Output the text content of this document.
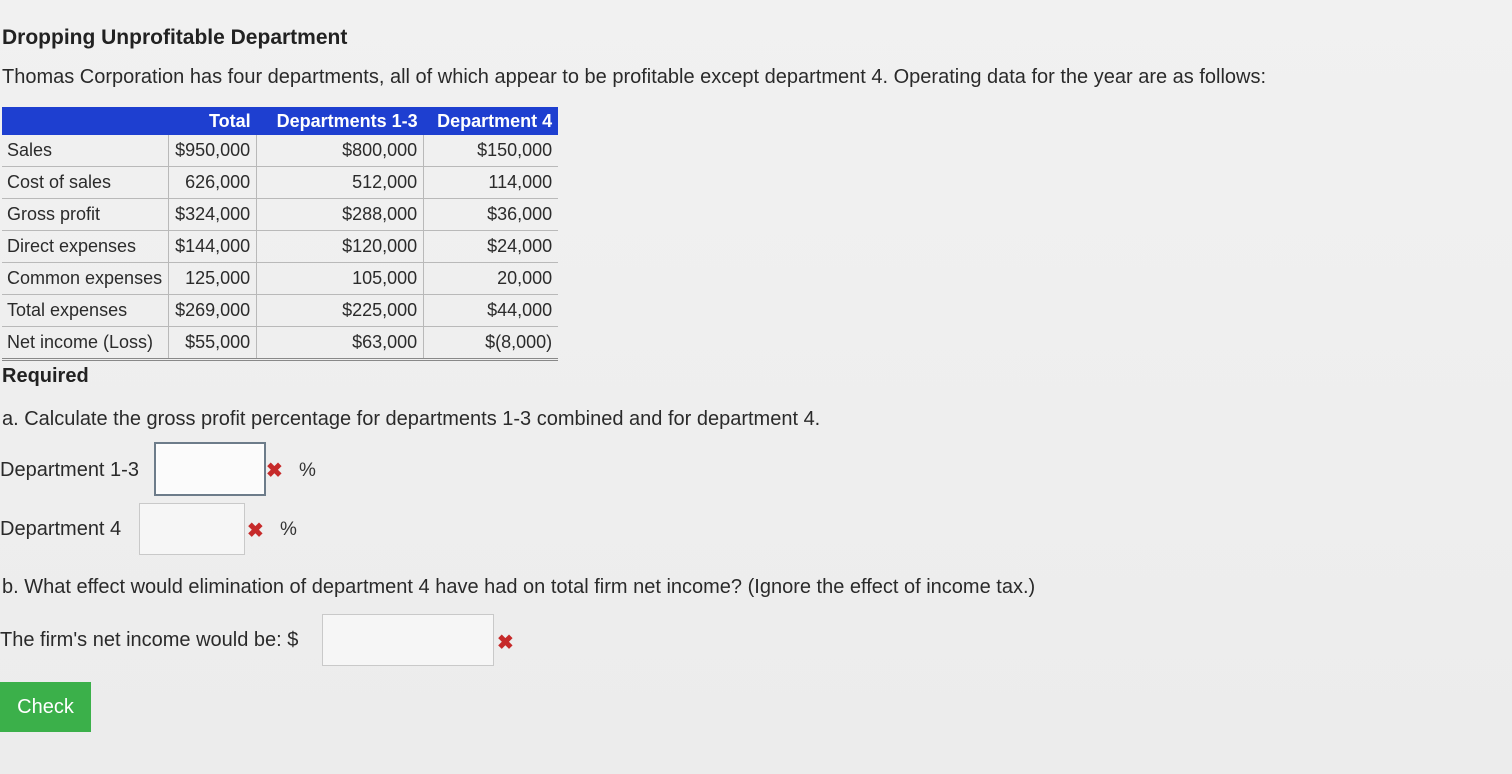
Dropping Unprofitable Department
Thomas Corporation has four departments, all of which appear to be profitable except department 4. Operating data for the year are as follows:
	Total	Departments 1-3	Department 4
Sales	$950,000	$800,000	$150,000
Cost of sales	626,000	512,000	114,000
Gross profit	$324,000	$288,000	$36,000
Direct expenses	$144,000	$120,000	$24,000
Common expenses	125,000	105,000	20,000
Total expenses	$269,000	$225,000	$44,000
Net income (Loss)	$55,000	$63,000	$(8,000)
Required
a. Calculate the gross profit percentage for departments 1-3 combined and for department 4.
Department 1-3	✖ %
Department 4	✖ %
b. What effect would elimination of department 4 have had on total firm net income? (Ignore the effect of income tax.)
The firm's net income would be: $	✖
Check
